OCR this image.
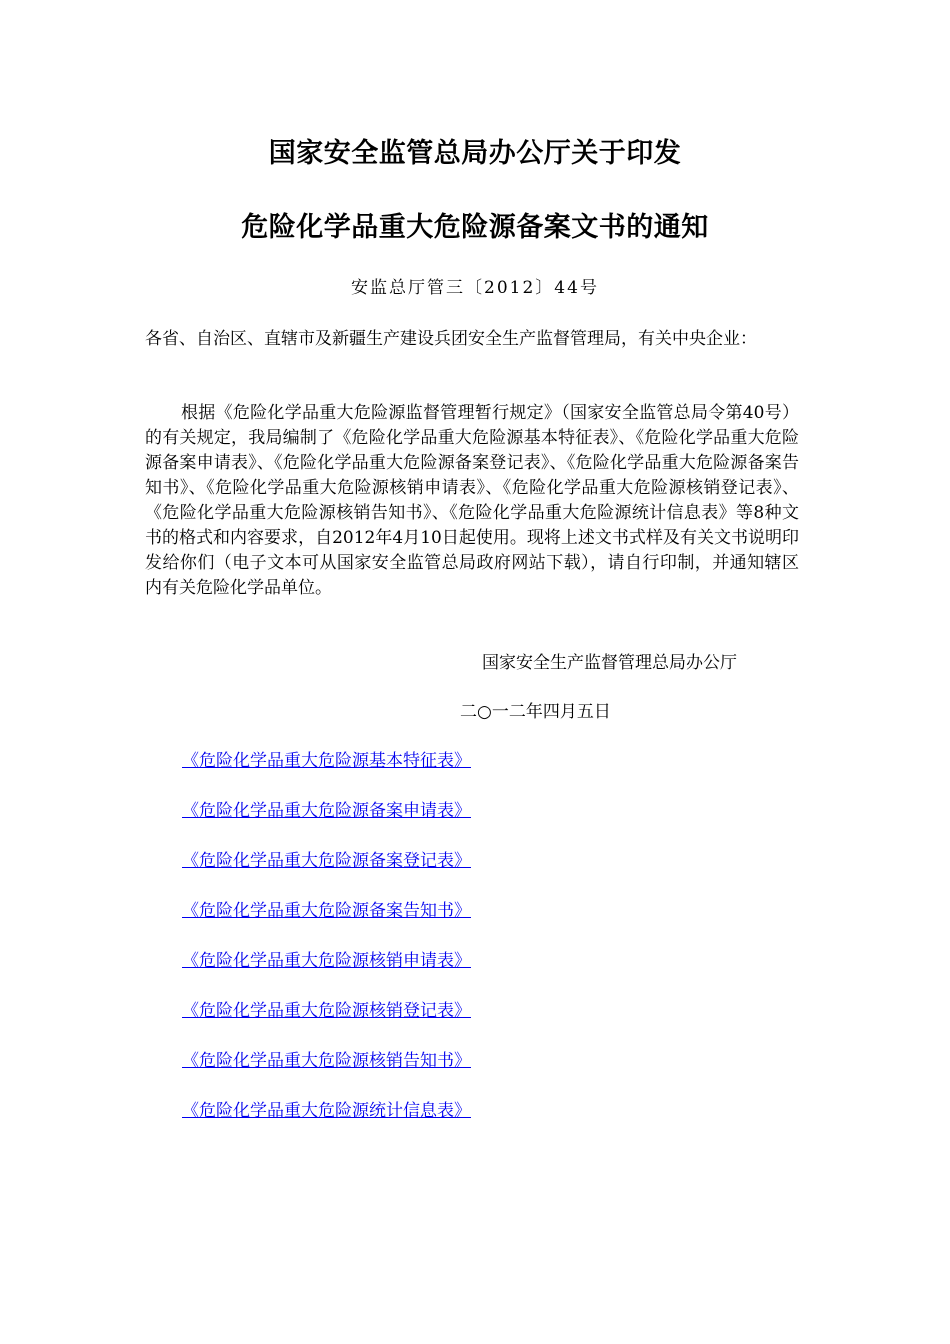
国家安全监管总局办公厅关于印发
危险化学品重大危险源备案文书的通知
安监总厅管三〔2012〕44号
各省、自治区、直辖市及新疆生产建设兵团安全生产监督管理局，有关中央企业：
根据《危险化学品重大危险源监督管理暂行规定》（国家安全监管总局令第40号）的有关规定，我局编制了《危险化学品重大危险源基本特征表》、《危险化学品重大危险源备案申请表》、《危险化学品重大危险源备案登记表》、《危险化学品重大危险源备案告知书》、《危险化学品重大危险源核销申请表》、《危险化学品重大危险源核销登记表》、《危险化学品重大危险源核销告知书》、《危险化学品重大危险源统计信息表》等8种文书的格式和内容要求，自2012年4月10日起使用。现将上述文书式样及有关文书说明印发给你们（电子文本可从国家安全监管总局政府网站下载），请自行印制，并通知辖区内有关危险化学品单位。
国家安全生产监督管理总局办公厅
二○一二年四月五日
《危险化学品重大危险源基本特征表》
《危险化学品重大危险源备案申请表》
《危险化学品重大危险源备案登记表》
《危险化学品重大危险源备案告知书》
《危险化学品重大危险源核销申请表》
《危险化学品重大危险源核销登记表》
《危险化学品重大危险源核销告知书》
《危险化学品重大危险源统计信息表》
